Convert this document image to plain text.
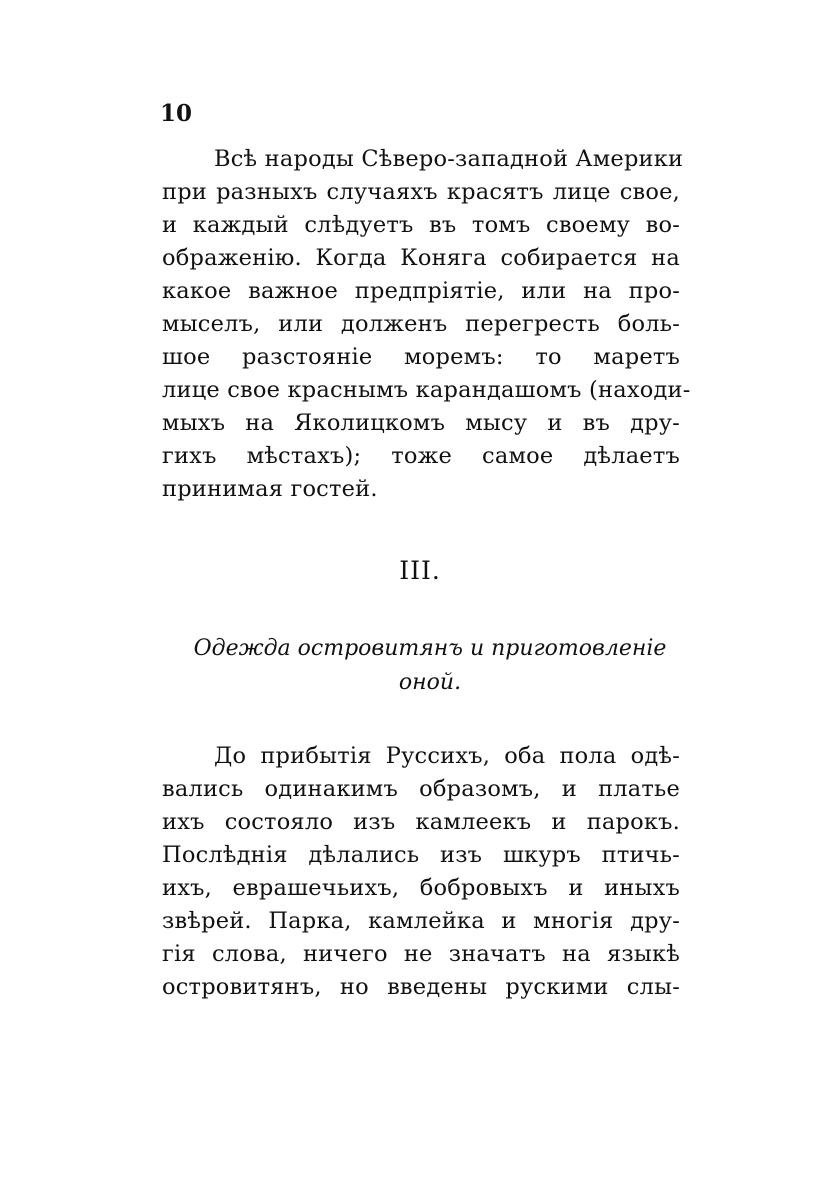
10
Всѣ народы Сѣверо-западной Америки
при разныхъ случаяхъ красятъ лице свое,
и каждый слѣдуетъ въ томъ своему во-
ображенію. Когда Коняга собирается на
какое важное предпріятіе, или на про-
мыселъ, или долженъ перегресть боль-
шое разстояніе моремъ: то маретъ
лице свое краснымъ карандашомъ (находи-
мыхъ на Яколицкомъ мысу и въ дру-
гихъ мѣстахъ); тоже самое дѣлаетъ
принимая гостей.
III.
Одежда островитянъ и приготовленіе
оной.
До прибытія Руссихъ, оба пола одѣ-
вались одинакимъ образомъ, и платье
ихъ состояло изъ камлеекъ и парокъ.
Послѣднія дѣлались изъ шкуръ птичь-
ихъ, еврашечьихъ, бобровыхъ и иныхъ
звѣрей. Парка, камлейка и многія дру-
гія слова, ничего не значатъ на языкѣ
островитянъ, но введены рускими слы-
